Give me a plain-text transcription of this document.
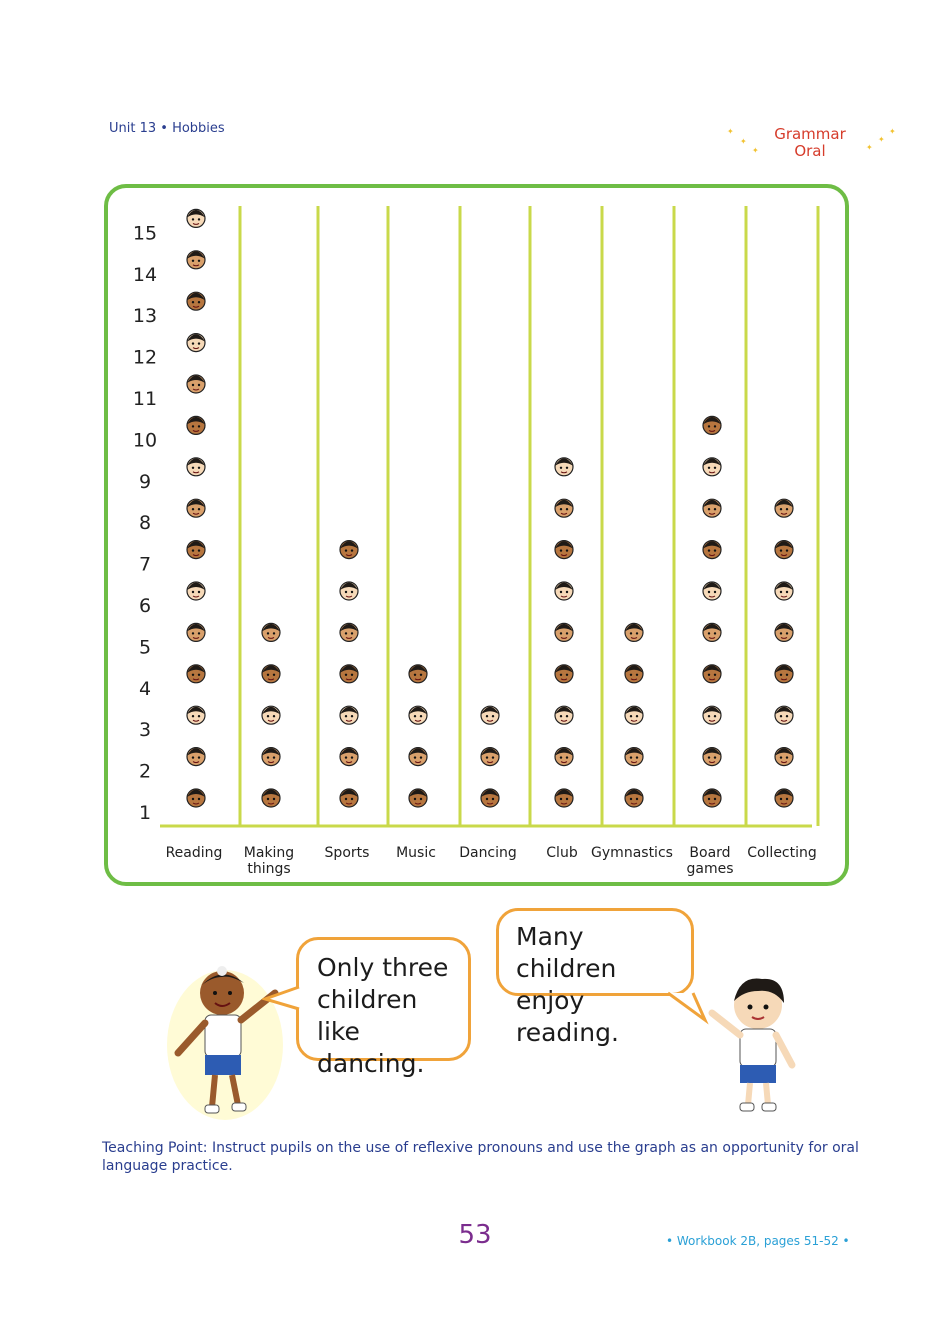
Unit 13 • Hobbies	Grammar
Oral
✦
✦
✦	✦
✦
✦
1
2
3
4
5
6
7
8
9
10
11
12
13
14
15
Reading Making
things
Sports Music Dancing Club Gymnastics Board
games
Collecting
Only three
children like
dancing.
Many children
enjoy reading.
Teaching Point: Instruct pupils on the use of reflexive pronouns and use the graph as an opportunity for oral language practice.
53	• Workbook 2B, pages 51-52 •
